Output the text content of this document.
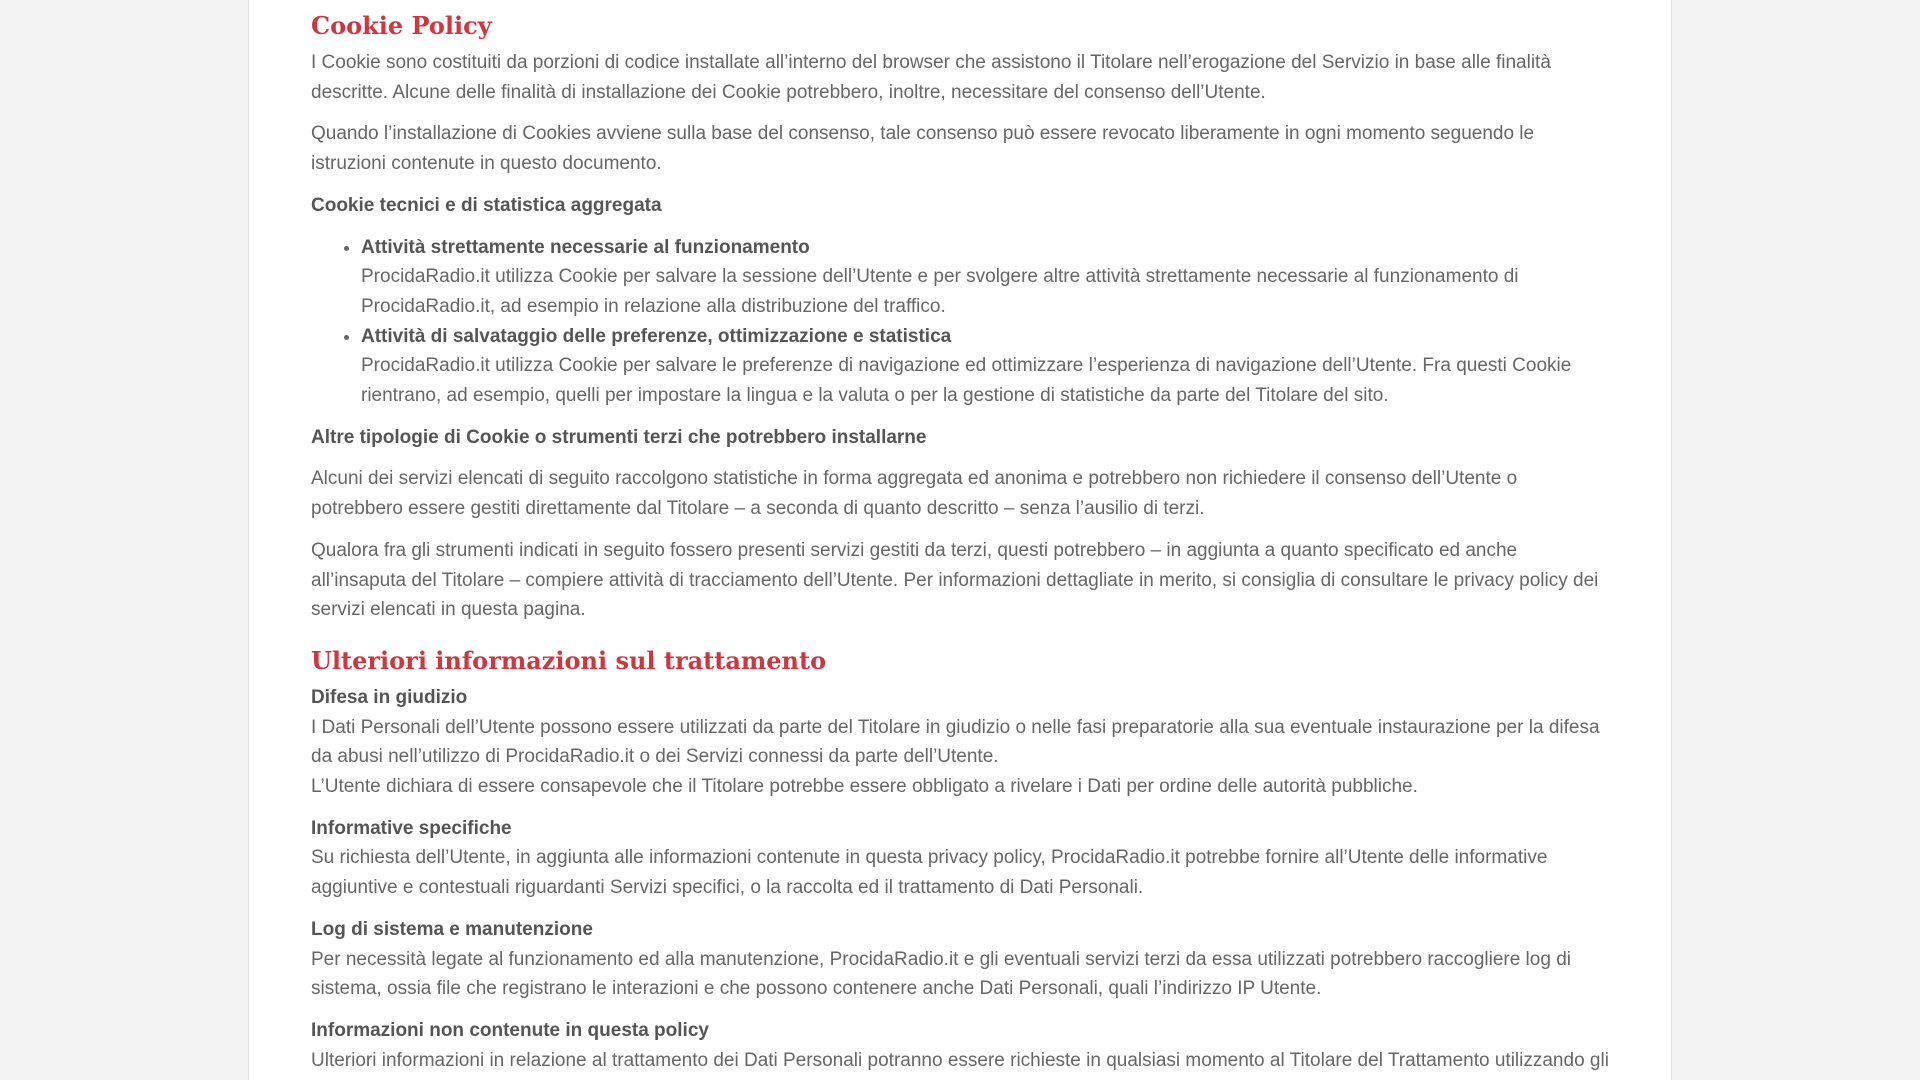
Cookie Policy

I Cookie sono costituiti da porzioni di codice installate all’interno del browser che assistono il Titolare nell’erogazione del Servizio in base alle finalità descritte. Alcune delle finalità di installazione dei Cookie potrebbero, inoltre, necessitare del consenso dell’Utente.

Quando l’installazione di Cookies avviene sulla base del consenso, tale consenso può essere revocato liberamente in ogni momento seguendo le istruzioni contenute in questo documento.

Cookie tecnici e di statistica aggregata
• Attività strettamente necessarie al funzionamento
ProcidaRadio.it utilizza Cookie per salvare la sessione dell’Utente e per svolgere altre attività strettamente necessarie al funzionamento di ProcidaRadio.it, ad esempio in relazione alla distribuzione del traffico.
• Attività di salvataggio delle preferenze, ottimizzazione e statistica
ProcidaRadio.it utilizza Cookie per salvare le preferenze di navigazione ed ottimizzare l’esperienza di navigazione dell’Utente. Fra questi Cookie rientrano, ad esempio, quelli per impostare la lingua e la valuta o per la gestione di statistiche da parte del Titolare del sito.
Altre tipologie di Cookie o strumenti terzi che potrebbero installarne

Alcuni dei servizi elencati di seguito raccolgono statistiche in forma aggregata ed anonima e potrebbero non richiedere il consenso dell’Utente o potrebbero essere gestiti direttamente dal Titolare – a seconda di quanto descritto – senza l’ausilio di terzi.

Qualora fra gli strumenti indicati in seguito fossero presenti servizi gestiti da terzi, questi potrebbero – in aggiunta a quanto specificato ed anche all’insaputa del Titolare – compiere attività di tracciamento dell’Utente. Per informazioni dettagliate in merito, si consiglia di consultare le privacy policy dei servizi elencati in questa pagina.

Ulteriori informazioni sul trattamento
Difesa in giudizio
I Dati Personali dell’Utente possono essere utilizzati da parte del Titolare in giudizio o nelle fasi preparatorie alla sua eventuale instaurazione per la difesa da abusi nell’utilizzo di ProcidaRadio.it o dei Servizi connessi da parte dell’Utente.
L’Utente dichiara di essere consapevole che il Titolare potrebbe essere obbligato a rivelare i Dati per ordine delle autorità pubbliche.
Informative specifiche
Su richiesta dell’Utente, in aggiunta alle informazioni contenute in questa privacy policy, ProcidaRadio.it potrebbe fornire all’Utente delle informative aggiuntive e contestuali riguardanti Servizi specifici, o la raccolta ed il trattamento di Dati Personali.
Log di sistema e manutenzione
Per necessità legate al funzionamento ed alla manutenzione, ProcidaRadio.it e gli eventuali servizi terzi da essa utilizzati potrebbero raccogliere log di sistema, ossia file che registrano le interazioni e che possono contenere anche Dati Personali, quali l’indirizzo IP Utente.
Informazioni non contenute in questa policy
Ulteriori informazioni in relazione al trattamento dei Dati Personali potranno essere richieste in qualsiasi momento al Titolare del Trattamento utilizzando gli
